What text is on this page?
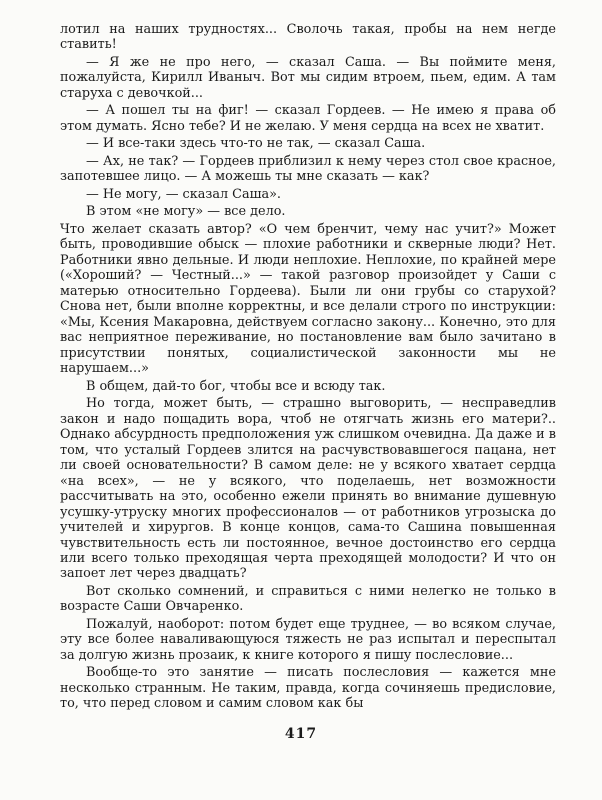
лотил на наших трудностях... Сволочь такая, пробы на нем негде ставить!

— Я же не про него, — сказал Саша. — Вы поймите меня, пожалуйста, Кирилл Иваныч. Вот мы сидим втроем, пьем, едим. А там старуха с девочкой...

— А пошел ты на фиг! — сказал Гордеев. — Не имею я права об этом думать. Ясно тебе? И не желаю. У меня сердца на всех не хватит.

— И все-таки здесь что-то не так, — сказал Саша.

— Ах, не так? — Гордеев приблизил к нему через стол свое красное, запотевшее лицо. — А можешь ты мне сказать — как?

— Не могу, — сказал Саша».

В этом «не могу» — все дело.

Что желает сказать автор? «О чем бренчит, чему нас учит?» Может быть, проводившие обыск — плохие работники и скверные люди? Нет. Работники явно дельные. И люди неплохие. Неплохие, по крайней мере («Хороший? — Честный...» — такой разговор произойдет у Саши с матерью относительно Гордеева). Были ли они грубы со старухой? Снова нет, были вполне корректны, и все делали строго по инструкции: «Мы, Ксения Макаровна, действуем согласно закону... Конечно, это для вас неприятное переживание, но постановление вам было зачитано в присутствии понятых, социалистической законности мы не нарушаем...»

В общем, дай-то бог, чтобы все и всюду так.

Но тогда, может быть, — страшно выговорить, — несправедлив закон и надо пощадить вора, чтоб не отягчать жизнь его матери?.. Однако абсурдность предположения уж слишком очевидна. Да даже и в том, что усталый Гордеев злится на расчувствовавшегося пацана, нет ли своей основательности? В самом деле: не у всякого хватает сердца «на всех», — не у всякого, что поделаешь, нет возможности рассчитывать на это, особенно ежели принять во внимание душевную усушку-утруску многих профессионалов — от работников угрозыска до учителей и хирургов. В конце концов, сама-то Сашина повышенная чувствительность есть ли постоянное, вечное достоинство его сердца или всего только преходящая черта преходящей молодости? И что он запоет лет через двадцать?

Вот сколько сомнений, и справиться с ними нелегко не только в возрасте Саши Овчаренко.

Пожалуй, наоборот: потом будет еще труднее, — во всяком случае, эту все более наваливающуюся тяжесть не раз испытал и переспытал за долгую жизнь прозаик, к книге которого я пишу послесловие...

Вообще-то это занятие — писать послесловия — кажется мне несколько странным. Не таким, правда, когда сочиняешь предисловие, то, что перед словом и самим словом как бы

417
